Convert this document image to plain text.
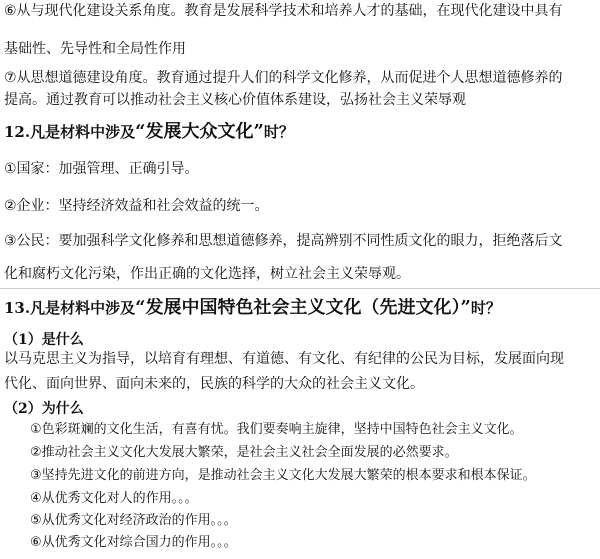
⑥从与现代化建设关系角度。教育是发展科学技术和培养人才的基础，在现代化建设中具有
基础性、先导性和全局性作用
⑦从思想道德建设角度。教育通过提升人们的科学文化修养，从而促进个人思想道德修养的
提高。通过教育可以推动社会主义核心价值体系建设，弘扬社会主义荣辱观
12.凡是材料中涉及“发展大众文化”时？
①国家：加强管理、正确引导。
②企业：坚持经济效益和社会效益的统一。
③公民：要加强科学文化修养和思想道德修养，提高辨别不同性质文化的眼力，拒绝落后文
化和腐朽文化污染，作出正确的文化选择，树立社会主义荣辱观。
13.凡是材料中涉及“发展中国特色社会主义文化（先进文化）”时？
（1）是什么
以马克思主义为指导，以培育有理想、有道德、有文化、有纪律的公民为目标，发展面向现
代化、面向世界、面向未来的，民族的科学的大众的社会主义文化。
（2）为什么
①色彩斑斓的文化生活，有喜有忧。我们要奏响主旋律，坚持中国特色社会主义文化。
②推动社会主义文化大发展大繁荣，是社会主义社会全面发展的必然要求。
③坚持先进文化的前进方向，是推动社会主义文化大发展大繁荣的根本要求和根本保证。
④从优秀文化对人的作用。。。
⑤从优秀文化对经济政治的作用。。。
⑥从优秀文化对综合国力的作用。。。
